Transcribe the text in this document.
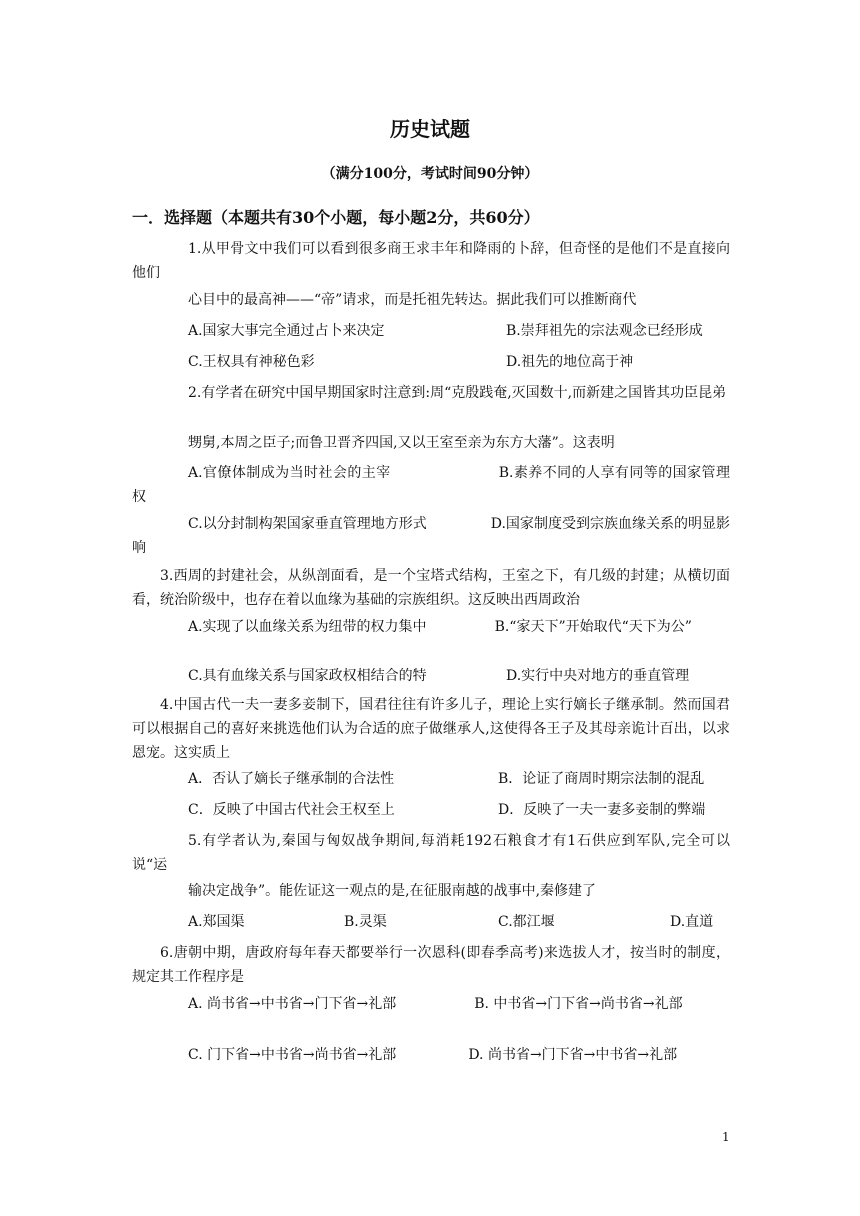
历史试题
（满分100分，考试时间90分钟）
一．选择题（本题共有30个小题，每小题2分，共60分）
1.从甲骨文中我们可以看到很多商王求丰年和降雨的卜辞，但奇怪的是他们不是直接向他们
心目中的最高神——“帝”请求，而是托祖先转达。据此我们可以推断商代
A.国家大事完全通过占卜来决定	B.崇拜祖先的宗法观念已经形成
C.王权具有神秘色彩	D.祖先的地位高于神
2.有学者在研究中国早期国家时注意到:周“克殷践奄,灭国数十,而新建之国皆其功臣昆弟
甥舅,本周之臣子;而鲁卫晋齐四国,又以王室至亲为东方大藩”。这表明
A.官僚体制成为当时社会的主宰	B.素养不同的人享有同等的国家管理权
C.以分封制构架国家垂直管理地方形式	D.国家制度受到宗族血缘关系的明显影响
3.西周的封建社会，从纵剖面看，是一个宝塔式结构，王室之下，有几级的封建；从横切面看，统治阶级中，也存在着以血缘为基础的宗族组织。这反映出西周政治
A.实现了以血缘关系为纽带的权力集中	B.“家天下”开始取代“天下为公”
C.具有血缘关系与国家政权相结合的特	D.实行中央对地方的垂直管理
4.中国古代一夫一妻多妾制下，国君往往有许多儿子，理论上实行嫡长子继承制。然而国君可以根据自己的喜好来挑选他们认为合适的庶子做继承人,这使得各王子及其母亲诡计百出，以求恩宠。这实质上
A．否认了嫡长子继承制的合法性	B．论证了商周时期宗法制的混乱
C．反映了中国古代社会王权至上	D．反映了一夫一妻多妾制的弊端
5.有学者认为,秦国与匈奴战争期间,每消耗192石粮食才有1石供应到军队,完全可以说“运
输决定战争”。能佐证这一观点的是,在征服南越的战事中,秦修建了
A.郑国渠	B.灵渠	C.都江堰	D.直道
6.唐朝中期，唐政府每年春天都要举行一次恩科(即春季高考)来选拔人才，按当时的制度，规定其工作程序是
A. 尚书省→中书省→门下省→礼部	B. 中书省→门下省→尚书省→礼部
C. 门下省→中书省→尚书省→礼部	D. 尚书省→门下省→中书省→礼部
1
